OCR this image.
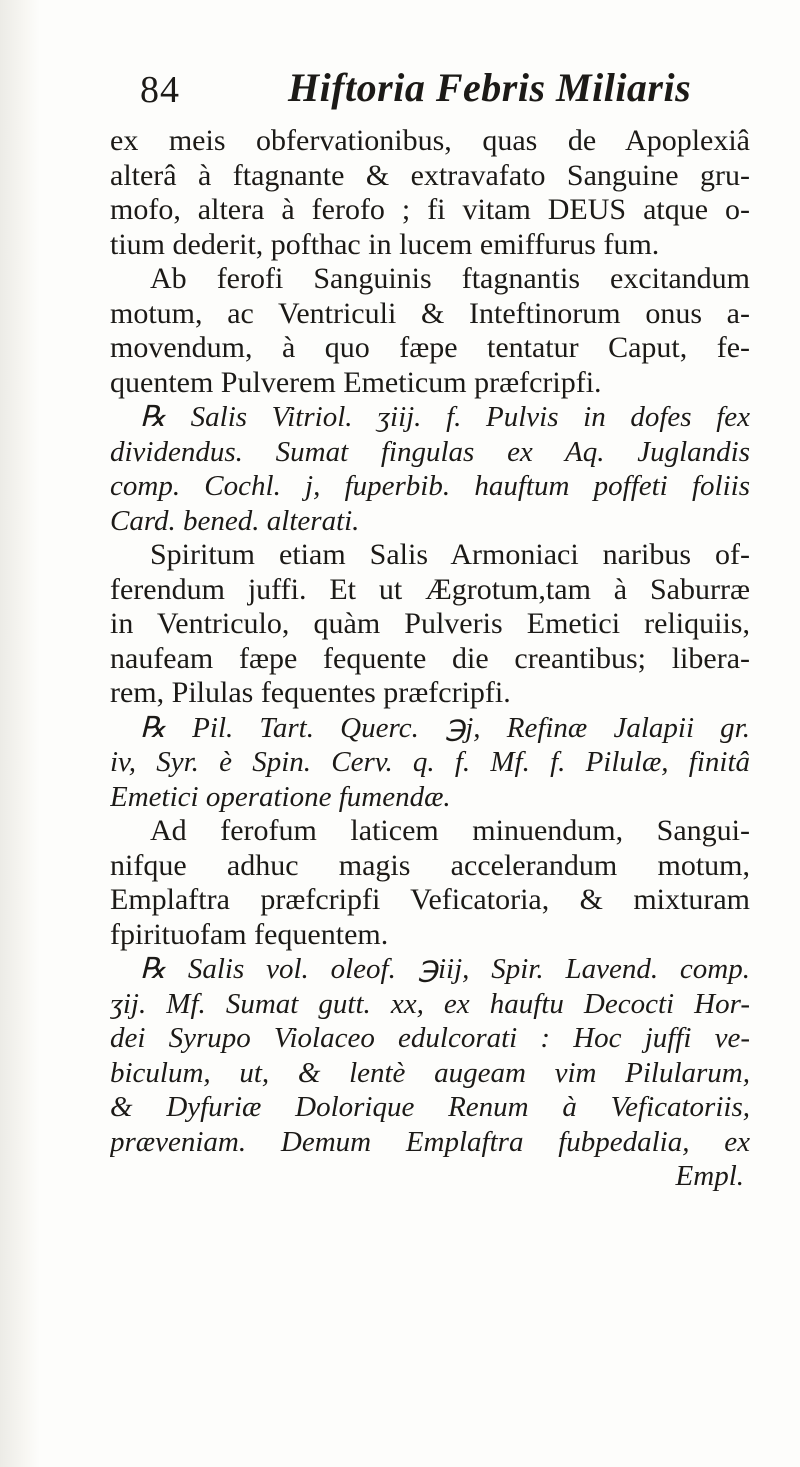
84	Hiftoria Febris Miliaris
ex meis obfervationibus, quas de Apoplexiâ
alterâ à ftagnante & extravafato Sanguine gru-
mofo, altera à ferofo ; fi vitam DEUS atque o-
tium dederit, pofthac in lucem emiffurus fum.
Ab ferofi Sanguinis ftagnantis excitandum
motum, ac Ventriculi & Inteftinorum onus a-
movendum, à quo fæpe tentatur Caput, fe-
quentem Pulverem Emeticum præfcripfi.
℞ Salis Vitriol. ʒiij. f. Pulvis in dofes fex
dividendus. Sumat fingulas ex Aq. Juglandis
comp. Cochl. j, fuperbib. hauftum poffeti foliis
Card. bened. alterati.
Spiritum etiam Salis Armoniaci naribus of-
ferendum juffi. Et ut Ægrotum,tam à Saburræ
in Ventriculo, quàm Pulveris Emetici reliquiis,
naufeam fæpe fequente die creantibus; libera-
rem, Pilulas fequentes præfcripfi.
℞ Pil. Tart. Querc. ℈j, Refinæ Jalapii gr.
iv, Syr. è Spin. Cerv. q. f. Mf. f. Pilulæ, finitâ
Emetici operatione fumendæ.
Ad ferofum laticem minuendum, Sangui-
nifque adhuc magis accelerandum motum,
Emplaftra præfcripfi Veficatoria, & mixturam
fpirituofam fequentem.
℞ Salis vol. oleof. ℈iij, Spir. Lavend. comp.
ʒij. Mf. Sumat gutt. xx, ex hauftu Decocti Hor-
dei Syrupo Violaceo edulcorati : Hoc juffi ve-
biculum, ut, & lentè augeam vim Pilularum,
& Dyfuriæ Dolorique Renum à Veficatoriis,
præveniam. Demum Emplaftra fubpedalia, ex
Empl.
